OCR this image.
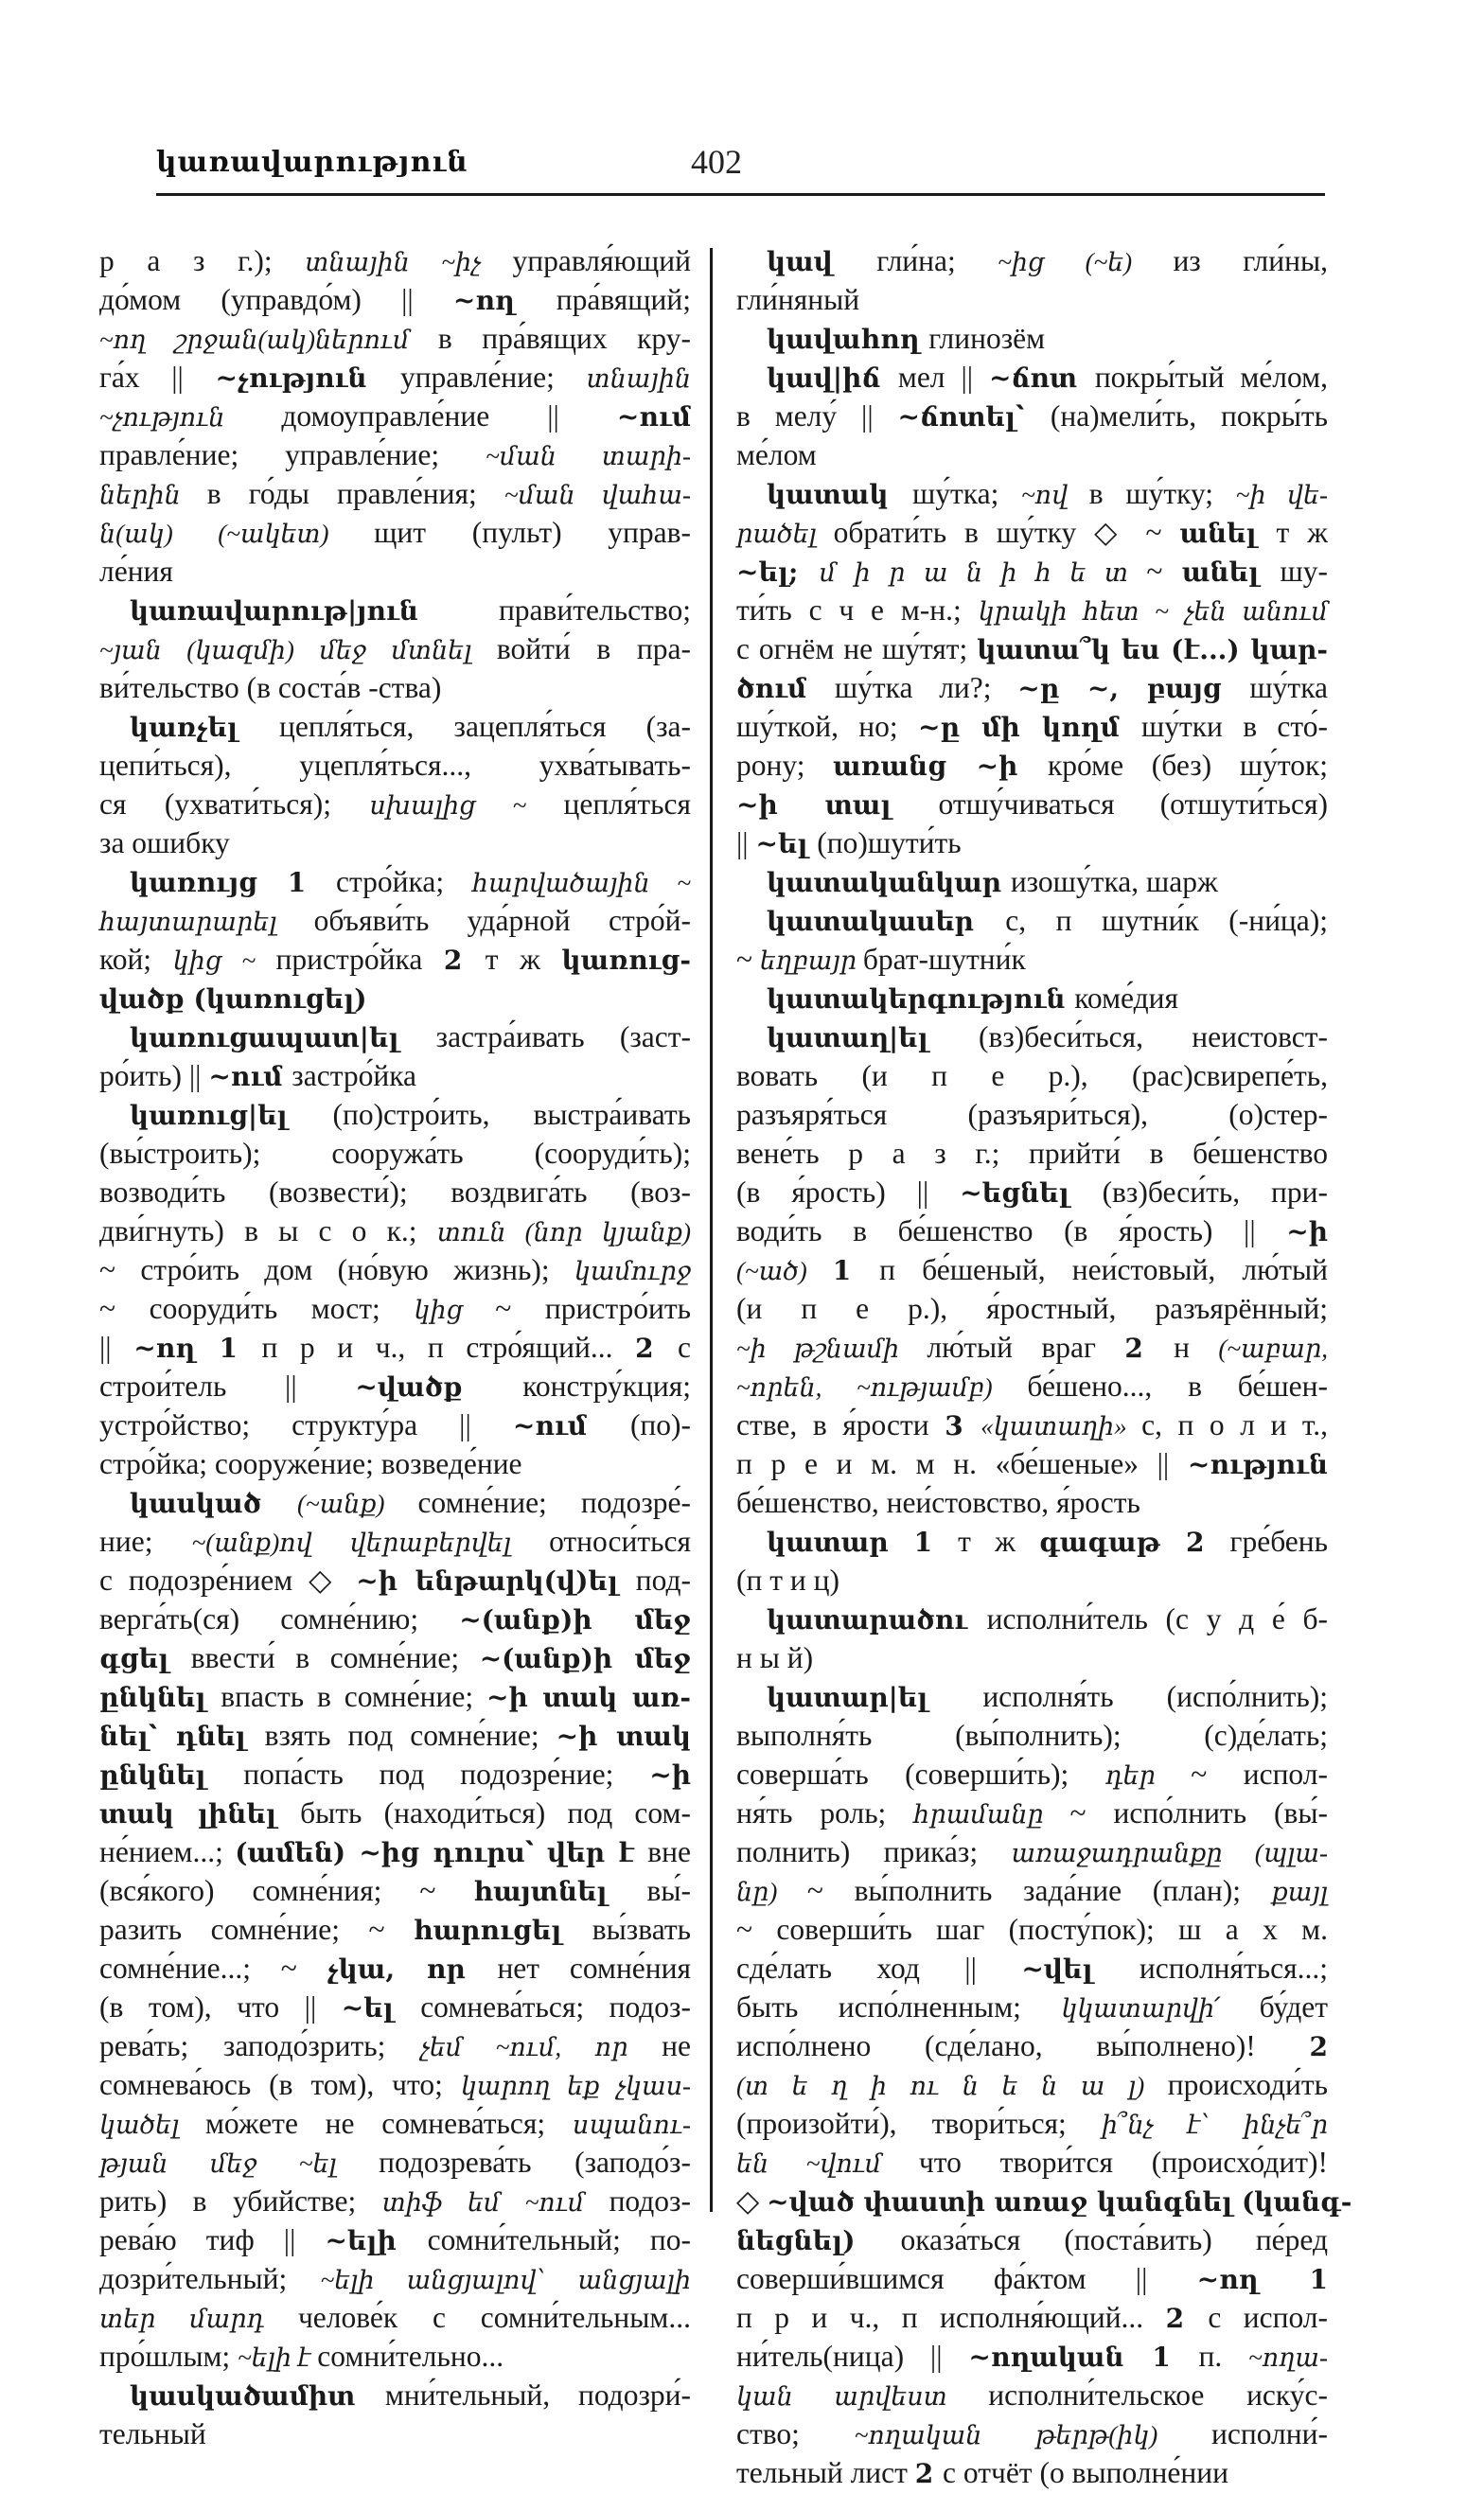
կառավարություն	402
р а з г.); տնային ~իչ управля́ющий
до́мом (управдо́м) || ~ող пра́вящий;
~ող շրջան(ակ)ներում в пра́вящих кру-
га́х || ~չություն управле́ние; տնային
~չություն домоуправле́ние || ~ում
правле́ние; управле́ние; ~ման տարի-
ներին в го́ды правле́ния; ~ման վահա-
ն(ակ) (~ակետ) щит (пульт) управ-
ле́ния
կառավարութ|յուն прави́тельство;
~յան (կազմի) մեջ մտնել войти́ в пра-
ви́тельство (в соста́в -ства)
կառչել цепля́ться, зацепля́ться (за-
цепи́ться), уцепля́ться..., ухва́тывать-
ся (ухвати́ться); սխալից ~ цепля́ться
за ошибку
կառույց 1 стро́йка; հարվածային ~
հայտարարել объяви́ть уда́рной стро́й-
кой; կից ~ пристро́йка 2 т ж կառուց-
վածք (կառուցել)
կառուցապատ|ել застра́ивать (заст-
ро́ить) || ~ում застро́йка
կառուց|ել (по)стро́ить, выстра́ивать
(вы́строить); сооружа́ть (сооруди́ть);
возводи́ть (возвести́); воздвига́ть (воз-
дви́гнуть) в ы с о к.; տուն (նոր կյանք)
~ стро́ить дом (но́вую жизнь); կամուրջ
~ сооруди́ть мост; կից ~ пристро́ить
|| ~ող 1 п р и ч., п стро́ящий... 2 с
строи́тель || ~վածք констру́кция;
устро́йство; структу́ра || ~ում (по)-
стро́йка; сооруже́ние; возведе́ние
կասկած (~անք) сомне́ние; подозре́-
ние; ~(անք)ով վերաբերվել относи́ться
с подозре́нием ◇ ~ի ենթարկ(վ)ել под-
верга́ть(ся) сомне́нию; ~(անք)ի մեջ
գցել ввести́ в сомне́ние; ~(անք)ի մեջ
ընկնել впасть в сомне́ние; ~ի տակ առ-
նել՝ դնել взять под сомне́ние; ~ի տակ
ընկնել попа́сть под подозре́ние; ~ի
տակ լինել быть (находи́ться) под сом-
не́нием...; (ամեն) ~ից դուրս՝ վեր է вне
(вся́кого) сомне́ния; ~ հայտնել вы́-
разить сомне́ние; ~ հարուցել вы́звать
сомне́ние...; ~ չկա, որ нет сомне́ния
(в том), что || ~ել сомнева́ться; подоз-
рева́ть; заподо́зрить; չեմ ~ում, որ не
сомнева́юсь (в том), что; կարող եք չկաս-
կածել мо́жете не сомнева́ться; սպանու-
թյան մեջ ~ել подозрева́ть (заподо́з-
рить) в убийстве; տիֆ եմ ~ում подоз-
рева́ю тиф || ~ելի сомни́тельный; по-
дозри́тельный; ~ելի անցյալով՝ անցյալի
տեր մարդ челове́к с сомни́тельным...
про́шлым; ~ելի է сомни́тельно...
կասկածամիտ мни́тельный, подозри́-
тельный
կավ гли́на; ~ից (~ե) из гли́ны,
гли́няный
կավահող глинозём
կավ|իճ мел || ~ճոտ покры́тый ме́лом,
в мелу́ || ~ճոտել՝ (на)мели́ть, покры́ть
ме́лом
կատակ шу́тка; ~ով в шу́тку; ~ի վե-
րածել обрати́ть в шу́тку ◇ ~ անել т ж
~ել; մ ի ր ա ն ի հ ե տ ~ անել шу-
ти́ть с ч е м-н.; կրակի հետ ~ չեն անում
с огнём не шу́тят; կատա՞կ ես (է...) կար-
ծում шу́тка ли?; ~ը ~, բայց шу́тка
шу́ткой, но; ~ը մի կողմ шу́тки в сто́-
рону; առանց ~ի кро́ме (без) шу́ток;
~ի տալ отшу́чиваться (отшути́ться)
|| ~ել (по)шути́ть
կատականկար изошу́тка, шарж
կատակասեր с, п шутни́к (-ни́ца);
~ եղբայր брат-шутни́к
կատակերգություն коме́дия
կատաղ|ել (вз)беси́ться, неистовст-
вовать (и п е р.), (рас)свирепе́ть,
разъяря́ться (разъяри́ться), (о)стер-
вене́ть р а з г.; прийти́ в бе́шенство
(в я́рость) || ~եցնել (вз)беси́ть, при-
води́ть в бе́шенство (в я́рость) || ~ի
(~ած) 1 п бе́шеный, неи́стовый, лю́тый
(и п е р.), я́ростный, разъярённый;
~ի թշնամի лю́тый враг 2 н (~աբար,
~որեն, ~ությամբ) бе́шено..., в бе́шен-
стве, в я́рости 3 «կատաղի» с, п о л и т.,
п р е и м. м н. «бе́шеные» || ~ություն
бе́шенство, неи́стовство, я́рость
կատար 1 т ж գագաթ 2 гре́бень
(п т и ц)
կատարածու исполни́тель (с у д е́ б-
н ы й)
կատար|ել исполня́ть (испо́лнить);
выполня́ть (вы́полнить); (с)де́лать;
соверша́ть (соверши́ть); դեր ~ испол-
ня́ть роль; հրամանը ~ испо́лнить (вы́-
полнить) прика́з; առաջադրանքը (պլա-
նը) ~ вы́полнить зада́ние (план); քայլ
~ соверши́ть шаг (посту́пок); ш а х м.
сде́лать ход || ~վել исполня́ться...;
быть испо́лненным; կկատարվի՛ бу́дет
испо́лнено (сде́лано, вы́полнено)! 2
(տ ե ղ ի ու ն ե ն ա լ) происходи́ть
(произойти́), твори́ться; ի՞նչ է՝ ինչե՞ր
են ~վում что твори́тся (происхо́дит)!
◇ ~ված փաստի առաջ կանգնել (կանգ-
նեցնել) оказа́ться (поста́вить) пе́ред
соверши́вшимся фа́ктом || ~ող 1
п р и ч., п исполня́ющий... 2 с испол-
ни́тель(ница) || ~ողական 1 п. ~ողա-
կան արվեստ исполни́тельское иску́с-
ство; ~ողական թերթ(իկ) исполни́-
тельный лист 2 с отчёт (о выполне́нии
